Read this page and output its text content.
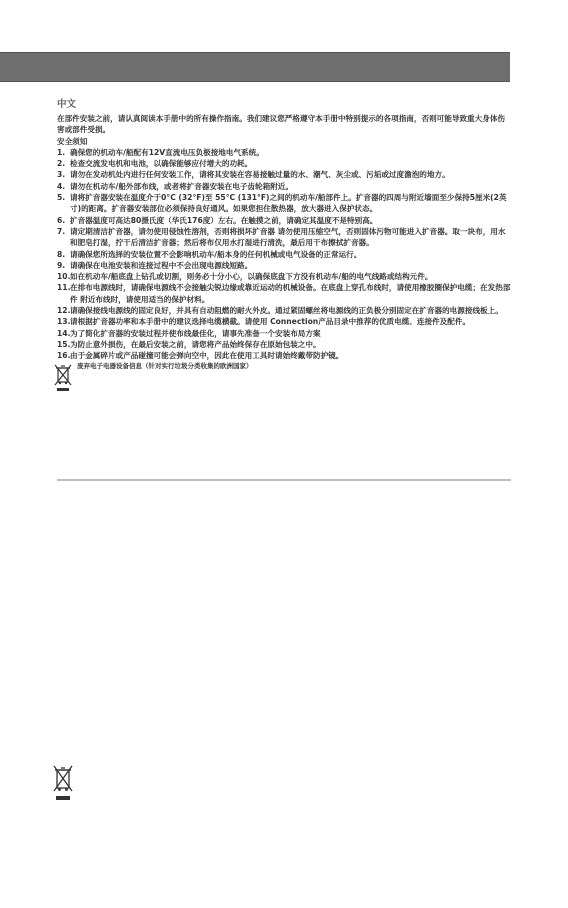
中文

在部件安装之前，请认真阅读本手册中的所有操作指南。我们建议您严格遵守本手册中特别提示的各项指南，否则可能导致重大身体伤害或部件受损。

安全须知

1. 确保您的机动车/船配有12V直流电压负极接地电气系统。
2. 检查交流发电机和电池，以确保能够应付增大的功耗。
3. 请勿在发动机处内进行任何安装工作，请将其安装在容易接触过量的水、潮气、灰尘或、污垢或过度澹泡的地方。
4. 请勿在机动车/船外部布线，或者将扩音器安装在电子齿轮箱附近。
5. 请将扩音器安装在温度介于0°C (32°F)至 55°C (131°F)之间的机动车/船部件上。扩音器的四周与附近墙面至少保持5厘米(2英寸)的距离。扩音器安装部位必须保持良好通风。如果您担住散热器，放大器进入保护状态。
6. 扩音器温度可高达80摄氏度（华氏176度）左右。在触摸之前，请确定其温度不是特别高。
7. 请定期清洁扩音器，请勿使用侵蚀性溶剂，否则将损坏扩音器 请勿使用压缩空气，否则固体污物可能进入扩音器。取一块布，用水和肥皂打湿，拧干后清洁扩音器；然后将布仅用水打湿进行清洗，最后用干布擦拭扩音器。
8. 请确保您所选择的安装位置不会影响机动车/船本身的任何机械或电气设备的正常运行。
9. 请确保在电池安装和连接过程中不会出现电源线短路。
10. 如在机动车/船底盘上钻孔或切割，则务必十分小心，以确保底盘下方没有机动车/船的电气线路或结构元件。
11. 在排布电源线时，请确保电源线不会接触尖锐边缘或靠近运动的机械设备。在底盘上穿孔布线时，请使用橡胶圈保护电缆；在发热部件 附近布线时，请使用适当的保护材料。
12. 请确保接线电源线的固定良好，并具有自动阻燃的耐火外皮。通过紧固螺丝将电源线的正负极分别固定在扩音器的电源接线板上。
13. 请根据扩音器功率和本手册中的建议选择电缆横截。请使用 Connection产品目录中推荐的优质电缆、连接件及配件。
14. 为了简化扩音器的安装过程并使布线最佳化，请事先准备一个安装布局方案
15. 为防止意外损伤，在最后安装之前，请您将产品始终保存在原始包装之中。
16. 由于金属碎片或产品碰撞可能会弹向空中，因此在使用工具时请始终戴带防护镜。
废弃电子电器设备信息（针对实行垃圾分类收集的欧洲国家）
